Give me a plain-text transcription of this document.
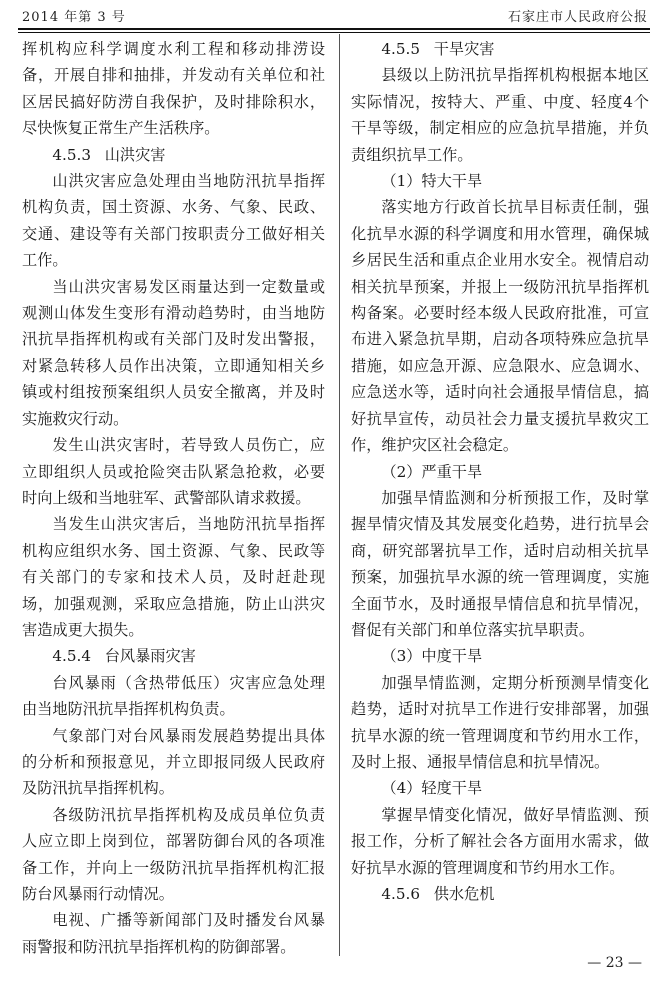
2014 年第 3 号	石家庄市人民政府公报

挥机构应科学调度水利工程和移动排涝设备，开展自排和抽排，并发动有关单位和社区居民搞好防涝自我保护，及时排除积水，尽快恢复正常生产生活秩序。

4.5.3 山洪灾害

山洪灾害应急处理由当地防汛抗旱指挥机构负责，国土资源、水务、气象、民政、交通、建设等有关部门按职责分工做好相关工作。

当山洪灾害易发区雨量达到一定数量或观测山体发生变形有滑动趋势时，由当地防汛抗旱指挥机构或有关部门及时发出警报，对紧急转移人员作出决策，立即通知相关乡镇或村组按预案组织人员安全撤离，并及时实施救灾行动。

发生山洪灾害时，若导致人员伤亡，应立即组织人员或抢险突击队紧急抢救，必要时向上级和当地驻军、武警部队请求救援。

当发生山洪灾害后，当地防汛抗旱指挥机构应组织水务、国土资源、气象、民政等有关部门的专家和技术人员，及时赶赴现场，加强观测，采取应急措施，防止山洪灾害造成更大损失。

4.5.4 台风暴雨灾害

台风暴雨（含热带低压）灾害应急处理由当地防汛抗旱指挥机构负责。

气象部门对台风暴雨发展趋势提出具体的分析和预报意见，并立即报同级人民政府及防汛抗旱指挥机构。

各级防汛抗旱指挥机构及成员单位负责人应立即上岗到位，部署防御台风的各项准备工作，并向上一级防汛抗旱指挥机构汇报防台风暴雨行动情况。

电视、广播等新闻部门及时播发台风暴雨警报和防汛抗旱指挥机构的防御部署。

4.5.5 干旱灾害

县级以上防汛抗旱指挥机构根据本地区实际情况，按特大、严重、中度、轻度4个干旱等级，制定相应的应急抗旱措施，并负责组织抗旱工作。

（1）特大干旱

落实地方行政首长抗旱目标责任制，强化抗旱水源的科学调度和用水管理，确保城乡居民生活和重点企业用水安全。视情启动相关抗旱预案，并报上一级防汛抗旱指挥机构备案。必要时经本级人民政府批准，可宣布进入紧急抗旱期，启动各项特殊应急抗旱措施，如应急开源、应急限水、应急调水、应急送水等，适时向社会通报旱情信息，搞好抗旱宣传，动员社会力量支援抗旱救灾工作，维护灾区社会稳定。

（2）严重干旱

加强旱情监测和分析预报工作，及时掌握旱情灾情及其发展变化趋势，进行抗旱会商，研究部署抗旱工作，适时启动相关抗旱预案，加强抗旱水源的统一管理调度，实施全面节水，及时通报旱情信息和抗旱情况，督促有关部门和单位落实抗旱职责。

（3）中度干旱

加强旱情监测，定期分析预测旱情变化趋势，适时对抗旱工作进行安排部署，加强抗旱水源的统一管理调度和节约用水工作，及时上报、通报旱情信息和抗旱情况。

（4）轻度干旱

掌握旱情变化情况，做好旱情监测、预报工作，分析了解社会各方面用水需求，做好抗旱水源的管理调度和节约用水工作。

4.5.6 供水危机
— 23 —
